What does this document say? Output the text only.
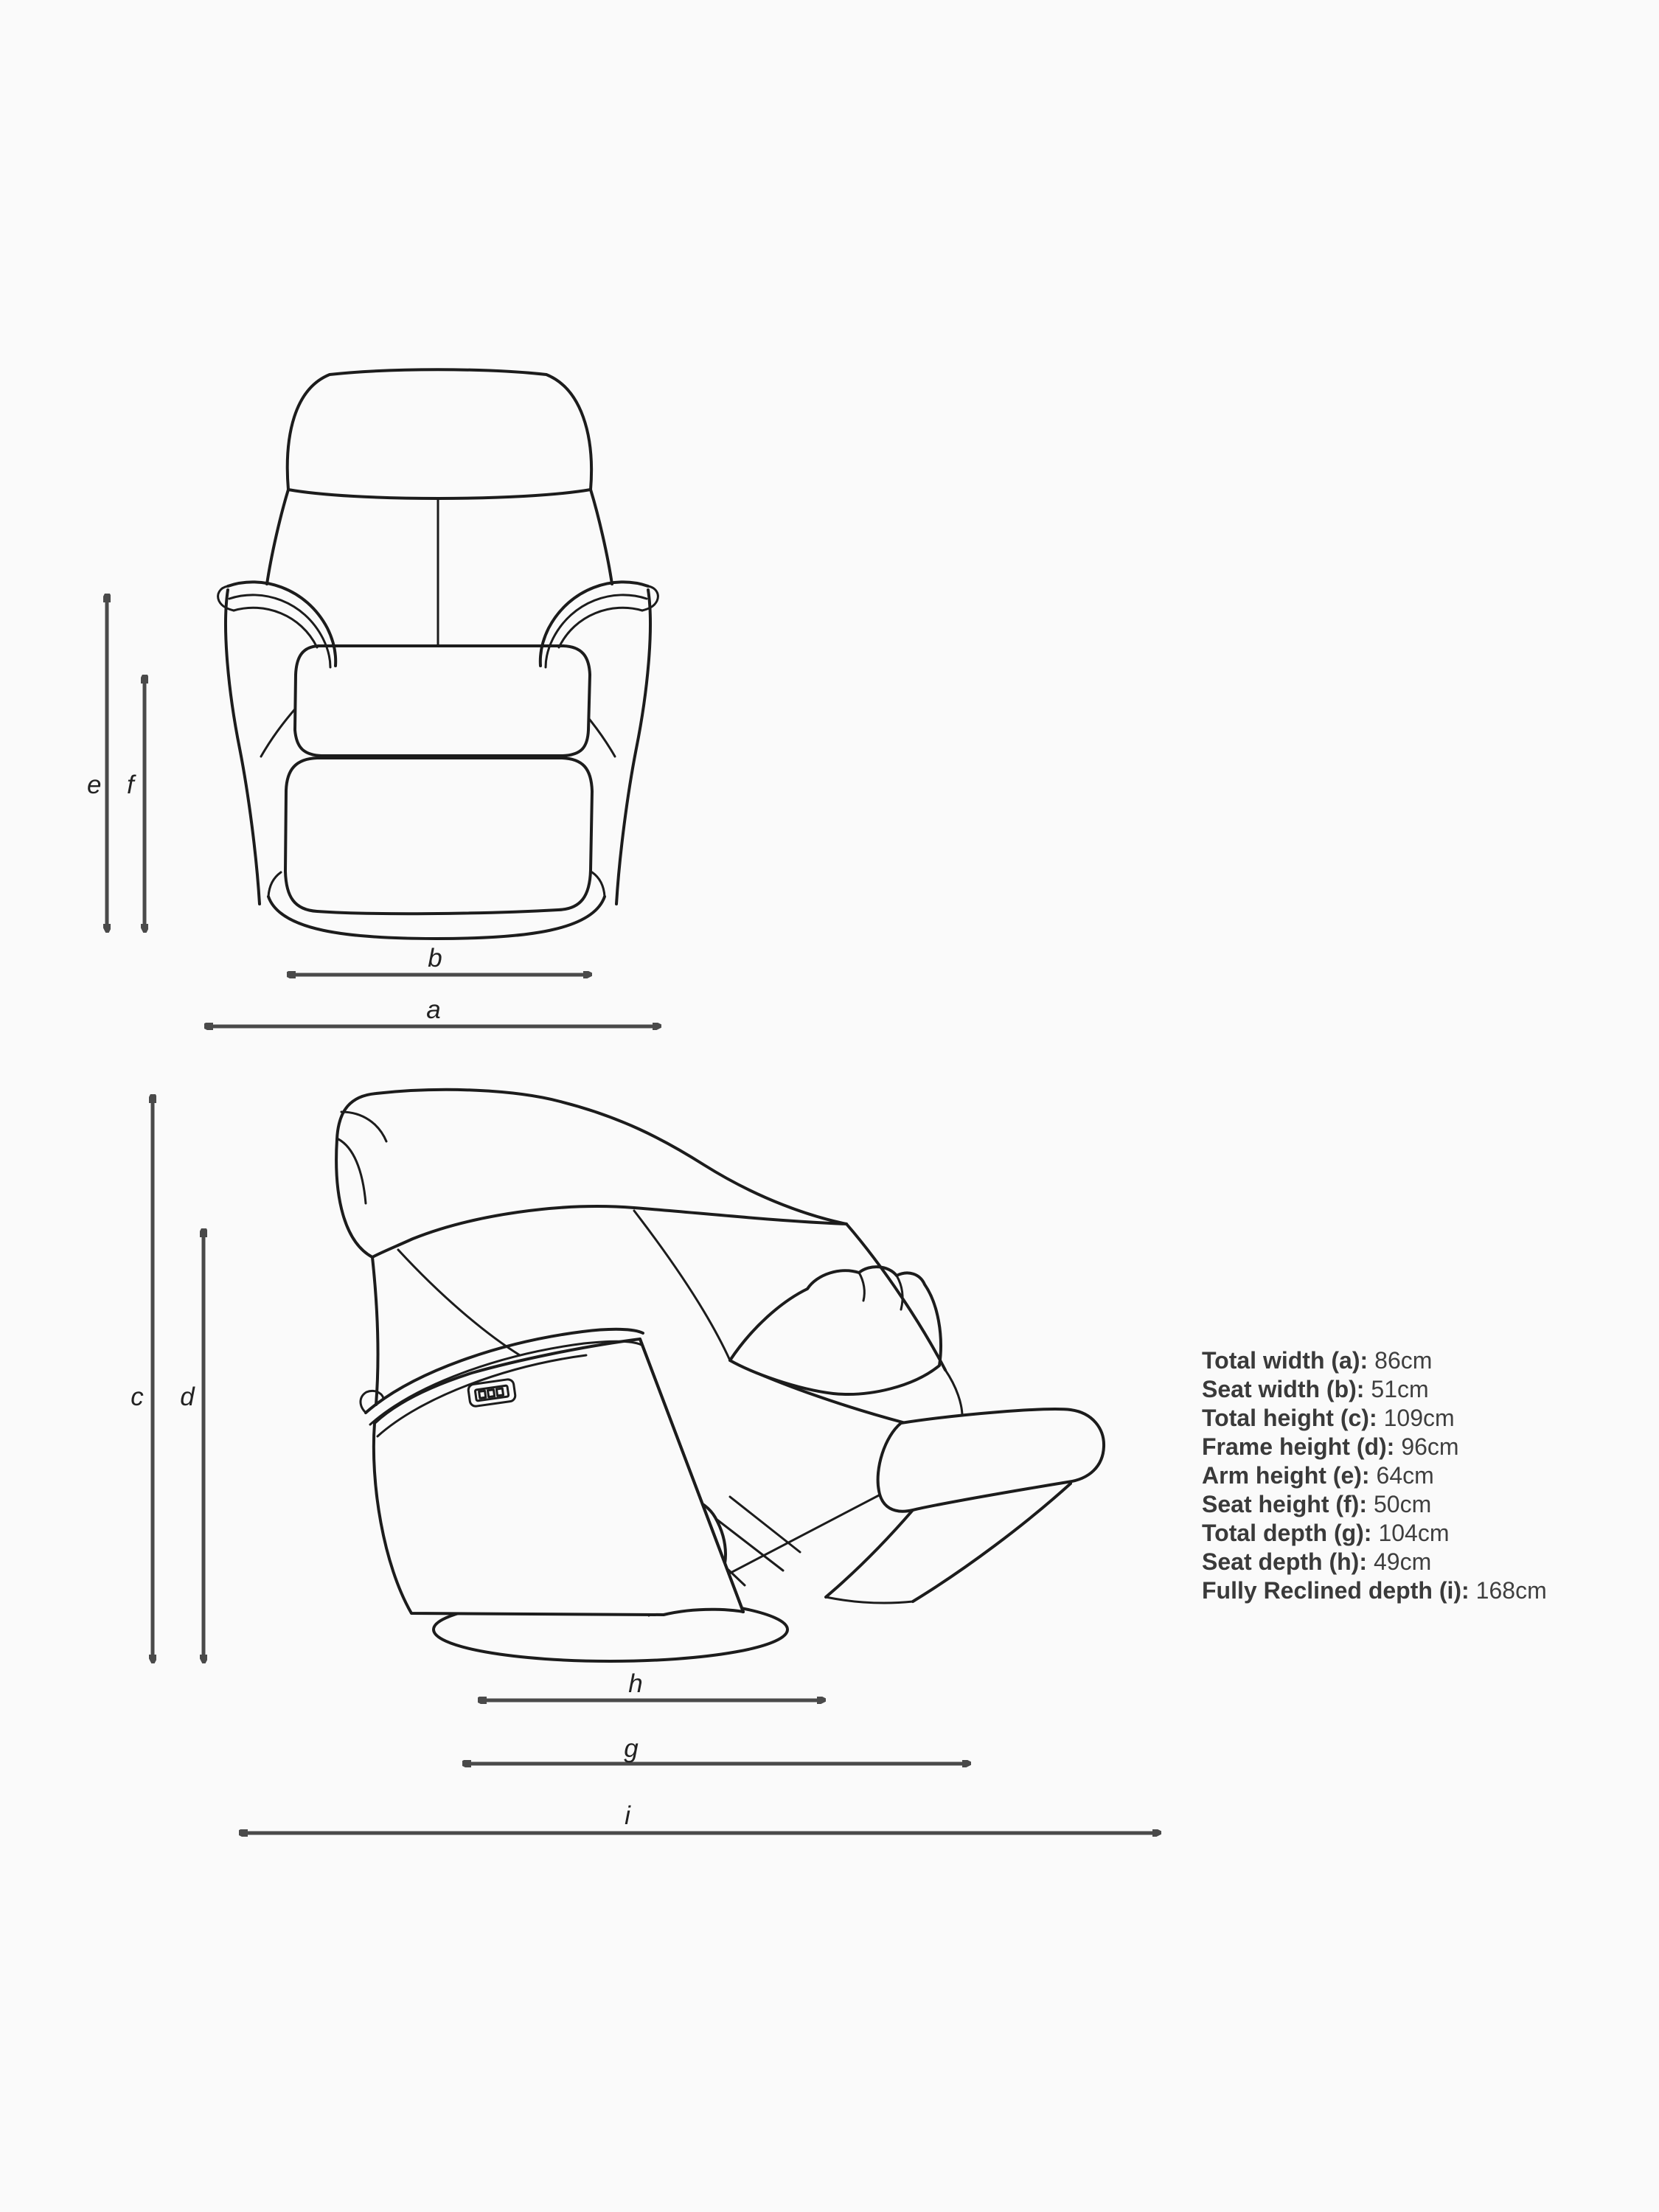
e f
b
a
c d
h
g
i
Total width (a): 86cm
Seat width (b): 51cm
Total height (c): 109cm
Frame height (d): 96cm
Arm height (e): 64cm
Seat height (f): 50cm
Total depth (g): 104cm
Seat depth (h): 49cm
Fully Reclined depth (i): 168cm
